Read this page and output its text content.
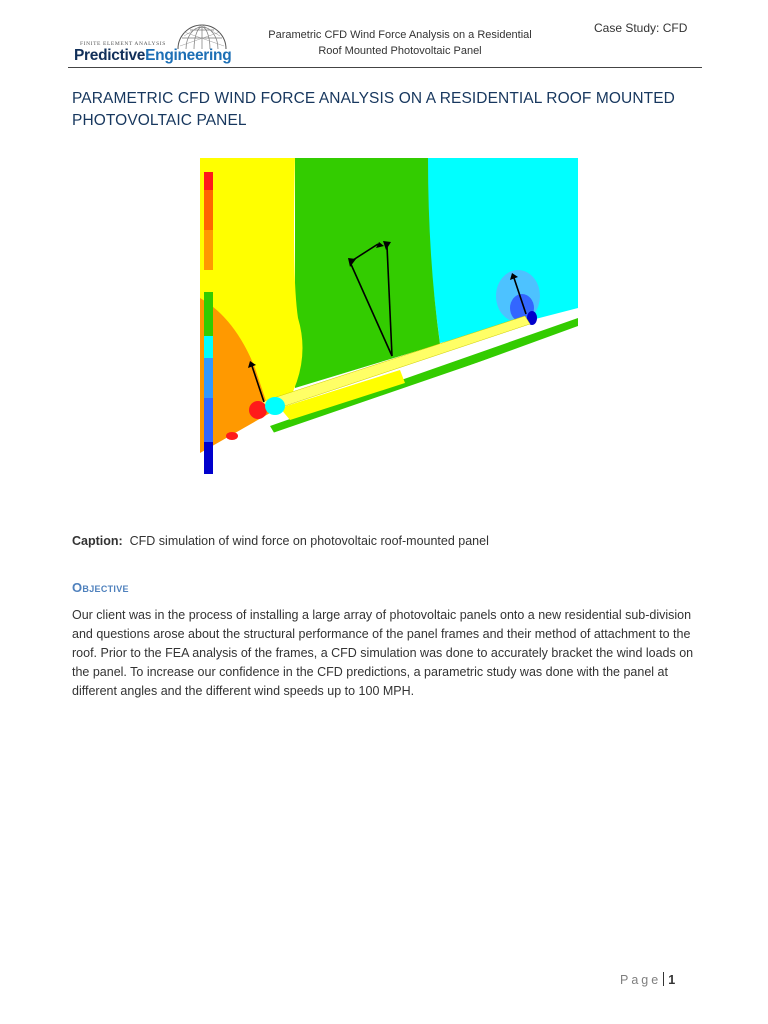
FINITE ELEMENT ANALYSIS
PredictiveEngineering
Parametric CFD Wind Force Analysis on a Residential
Roof Mounted Photovoltaic Panel
Case Study: CFD
PARAMETRIC CFD WIND FORCE ANALYSIS ON A RESIDENTIAL ROOF MOUNTED PHOTOVOLTAIC PANEL
Caption: CFD simulation of wind force on photovoltaic roof-mounted panel
Objective
Our client was in the process of installing a large array of photovoltaic panels onto a new residential sub-division and questions arose about the structural performance of the panel frames and their method of attachment to the roof. Prior to the FEA analysis of the frames, a CFD simulation was done to accurately bracket the wind loads on the panel. To increase our confidence in the CFD predictions, a parametric study was done with the panel at different angles and the different wind speeds up to 100 MPH.
Page 1
